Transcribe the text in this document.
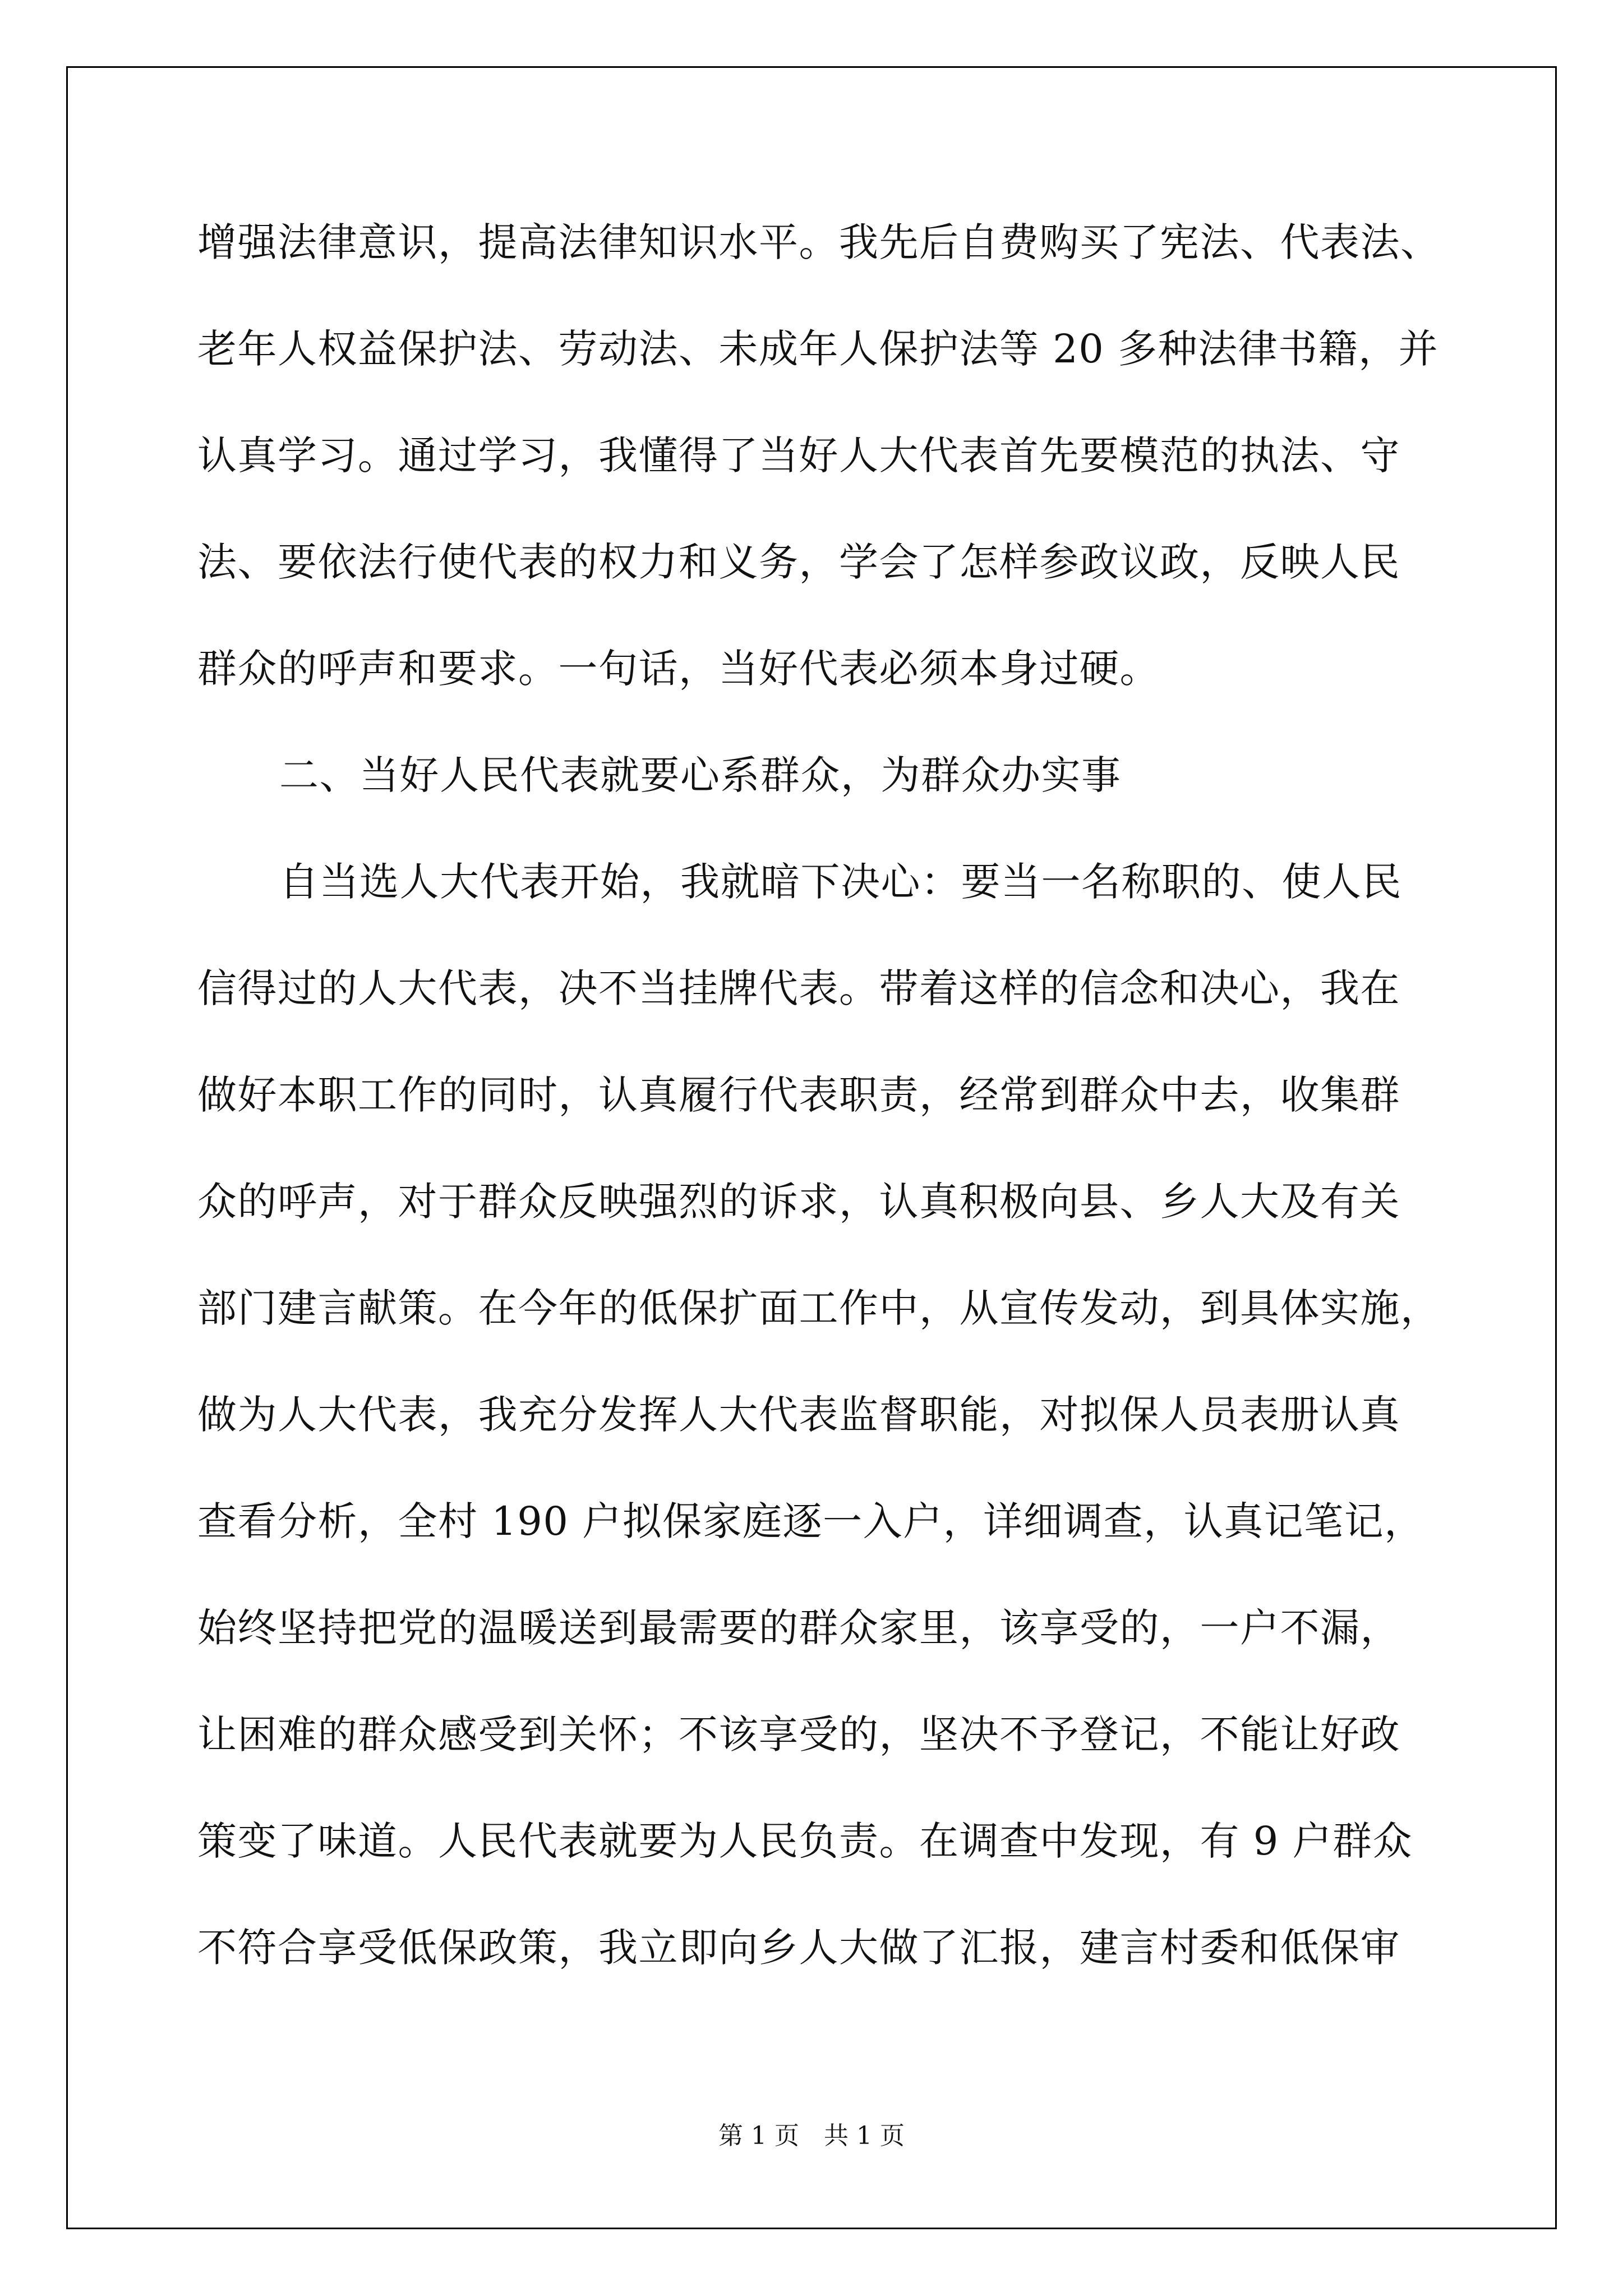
增强法律意识，提高法律知识水平。我先后自费购买了宪法、代表法、
老年人权益保护法、劳动法、未成年人保护法等 20 多种法律书籍，并
认真学习。通过学习，我懂得了当好人大代表首先要模范的执法、守
法、要依法行使代表的权力和义务，学会了怎样参政议政，反映人民
群众的呼声和要求。一句话，当好代表必须本身过硬。
二、当好人民代表就要心系群众，为群众办实事
自当选人大代表开始，我就暗下决心：要当一名称职的、使人民
信得过的人大代表，决不当挂牌代表。带着这样的信念和决心，我在
做好本职工作的同时，认真履行代表职责，经常到群众中去，收集群
众的呼声，对于群众反映强烈的诉求，认真积极向县、乡人大及有关
部门建言献策。在今年的低保扩面工作中，从宣传发动，到具体实施，
做为人大代表，我充分发挥人大代表监督职能，对拟保人员表册认真
查看分析，全村 190 户拟保家庭逐一入户，详细调查，认真记笔记，
始终坚持把党的温暖送到最需要的群众家里，该享受的，一户不漏，
让困难的群众感受到关怀；不该享受的，坚决不予登记，不能让好政
策变了味道。人民代表就要为人民负责。在调查中发现，有 9 户群众
不符合享受低保政策，我立即向乡人大做了汇报，建言村委和低保审
第 1 页 共 1 页
